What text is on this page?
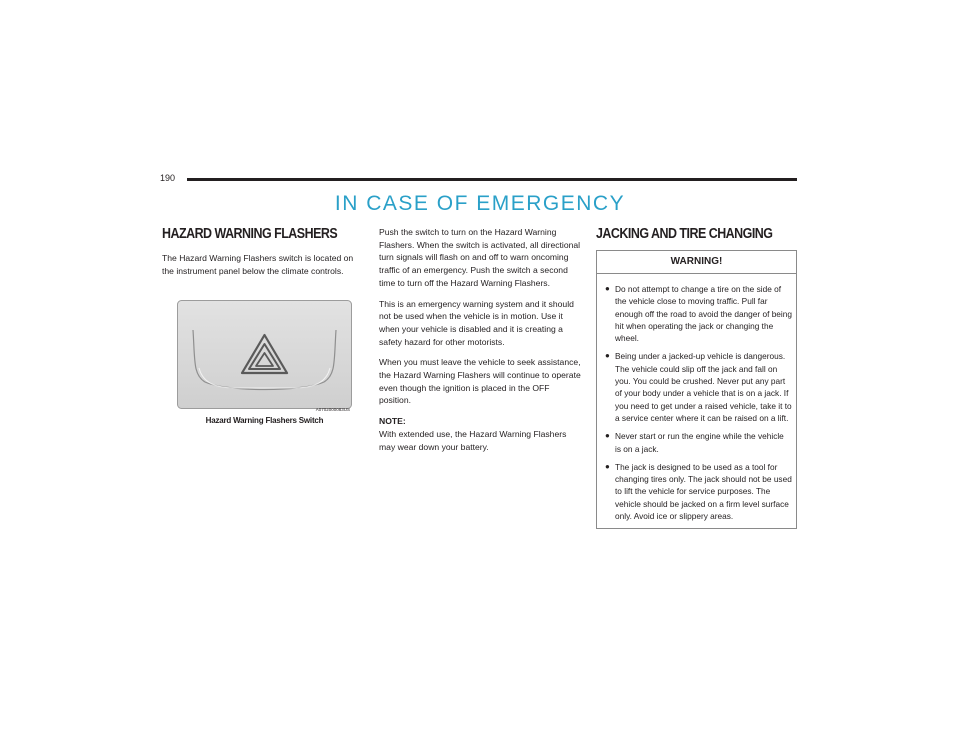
190
IN CASE OF EMERGENCY
HAZARD WARNING FLASHERS

The Hazard Warning Flashers switch is located on the instrument panel below the climate controls.

A0702000083US
Hazard Warning Flashers Switch

Push the switch to turn on the Hazard Warning Flashers. When the switch is activated, all directional turn signals will flash on and off to warn oncoming traffic of an emergency. Push the switch a second time to turn off the Hazard Warning Flashers.

This is an emergency warning system and it should not be used when the vehicle is in motion. Use it when your vehicle is disabled and it is creating a safety hazard for other motorists.

When you must leave the vehicle to seek assistance, the Hazard Warning Flashers will continue to operate even though the ignition is placed in the OFF position.

NOTE:
With extended use, the Hazard Warning Flashers may wear down your battery.

JACKING AND TIRE CHANGING
WARNING!
● Do not attempt to change a tire on the side of the vehicle close to moving traffic. Pull far enough off the road to avoid the danger of being hit when operating the jack or changing the wheel.
● Being under a jacked-up vehicle is dangerous. The vehicle could slip off the jack and fall on you. You could be crushed. Never put any part of your body under a vehicle that is on a jack. If you need to get under a raised vehicle, take it to a service center where it can be raised on a lift.
● Never start or run the engine while the vehicle is on a jack.
● The jack is designed to be used as a tool for changing tires only. The jack should not be used to lift the vehicle for service purposes. The vehicle should be jacked on a firm level surface only. Avoid ice or slippery areas.
